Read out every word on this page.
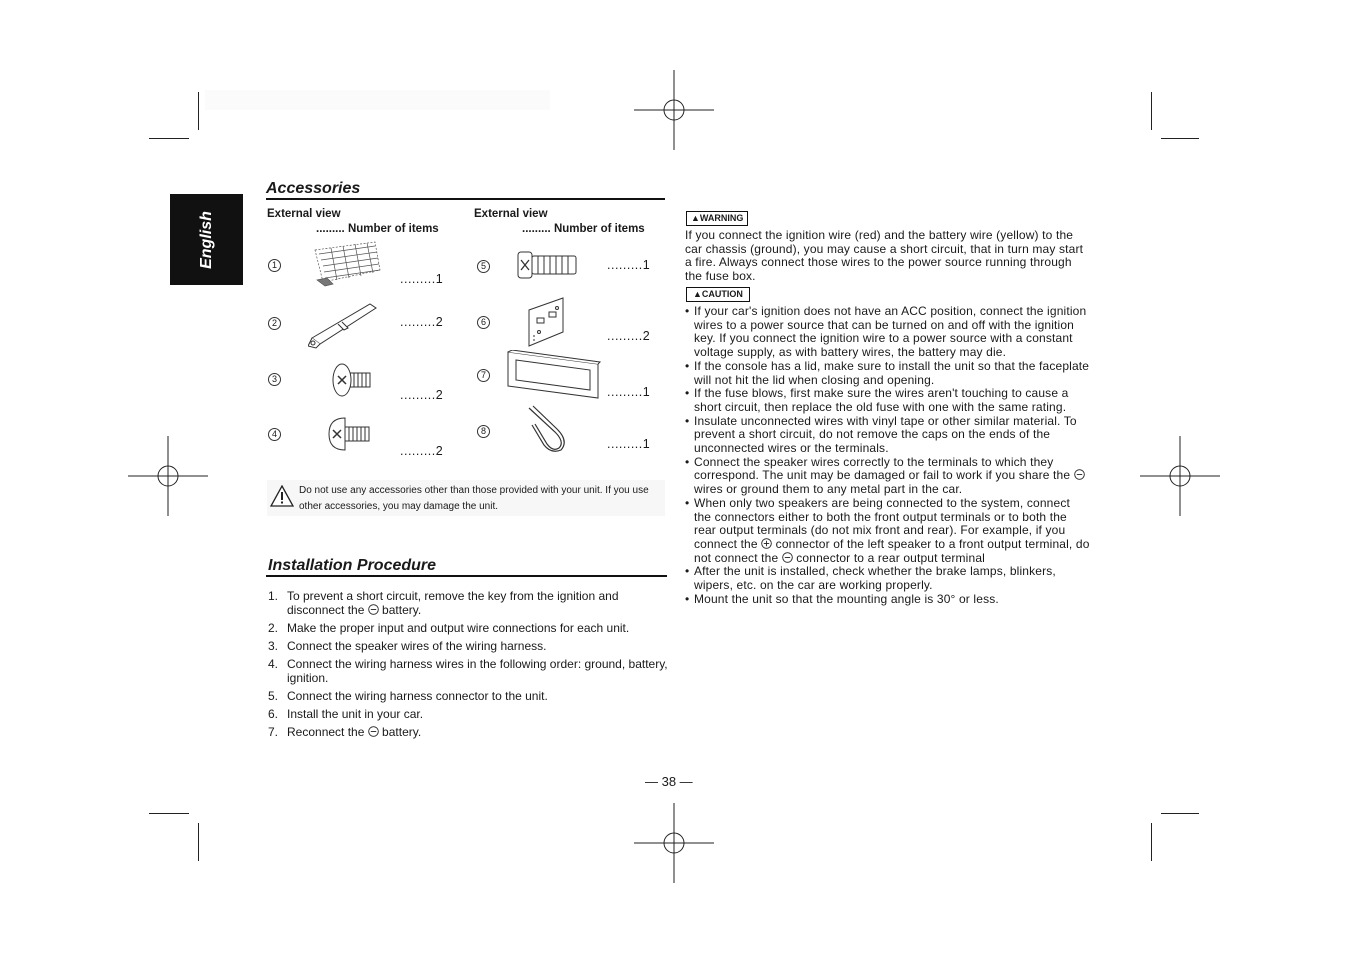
English
Accessories
External view
......... Number of items
External view
......... Number of items
1
.........1
2	.........2
3
.........2
4
.........2
5	.........1
6
.........2
7
.........1
8
.........1
Do not use any accessories other than those provided with your unit. If you use other accessories, you may damage the unit.
Installation Procedure
1. To prevent a short circuit, remove the key from the ignition and disconnect the  battery.
2. Make the proper input and output wire connections for each unit.
3. Connect the speaker wires of the wiring harness.
4. Connect the wiring harness wires in the following order: ground, battery, ignition.
5. Connect the wiring harness connector to the unit.
6. Install the unit in your car.
7. Reconnect the  battery.
▲WARNING
If you connect the ignition wire (red) and the battery wire (yellow) to the car chassis (ground), you may cause a short circuit, that in turn may start a fire. Always connect those wires to the power source running through the fuse box.
▲CAUTION
• If your car's ignition does not have an ACC position, connect the ignition wires to a power source that can be turned on and off with the ignition key. If you connect the ignition wire to a power source with a constant voltage supply, as with battery wires, the battery may die.
• If the console has a lid, make sure to install the unit so that the faceplate will not hit the lid when closing and opening.
• If the fuse blows, first make sure the wires aren't touching to cause a short circuit, then replace the old fuse with one with the same rating.
• Insulate unconnected wires with vinyl tape or other similar material. To prevent a short circuit, do not remove the caps on the ends of the unconnected wires or the terminals.
• Connect the speaker wires correctly to the terminals to which they correspond. The unit may be damaged or fail to work if you share the  wires or ground them to any metal part in the car.
• When only two speakers are being connected to the system, connect the connectors either to both the front output terminals or to both the rear output terminals (do not mix front and rear). For example, if you connect the  connector of the left speaker to a front output terminal, do not connect the  connector to a rear output terminal
• After the unit is installed, check whether the brake lamps, blinkers, wipers, etc. on the car are working properly.
• Mount the unit so that the mounting angle is 30° or less.
— 38 —
